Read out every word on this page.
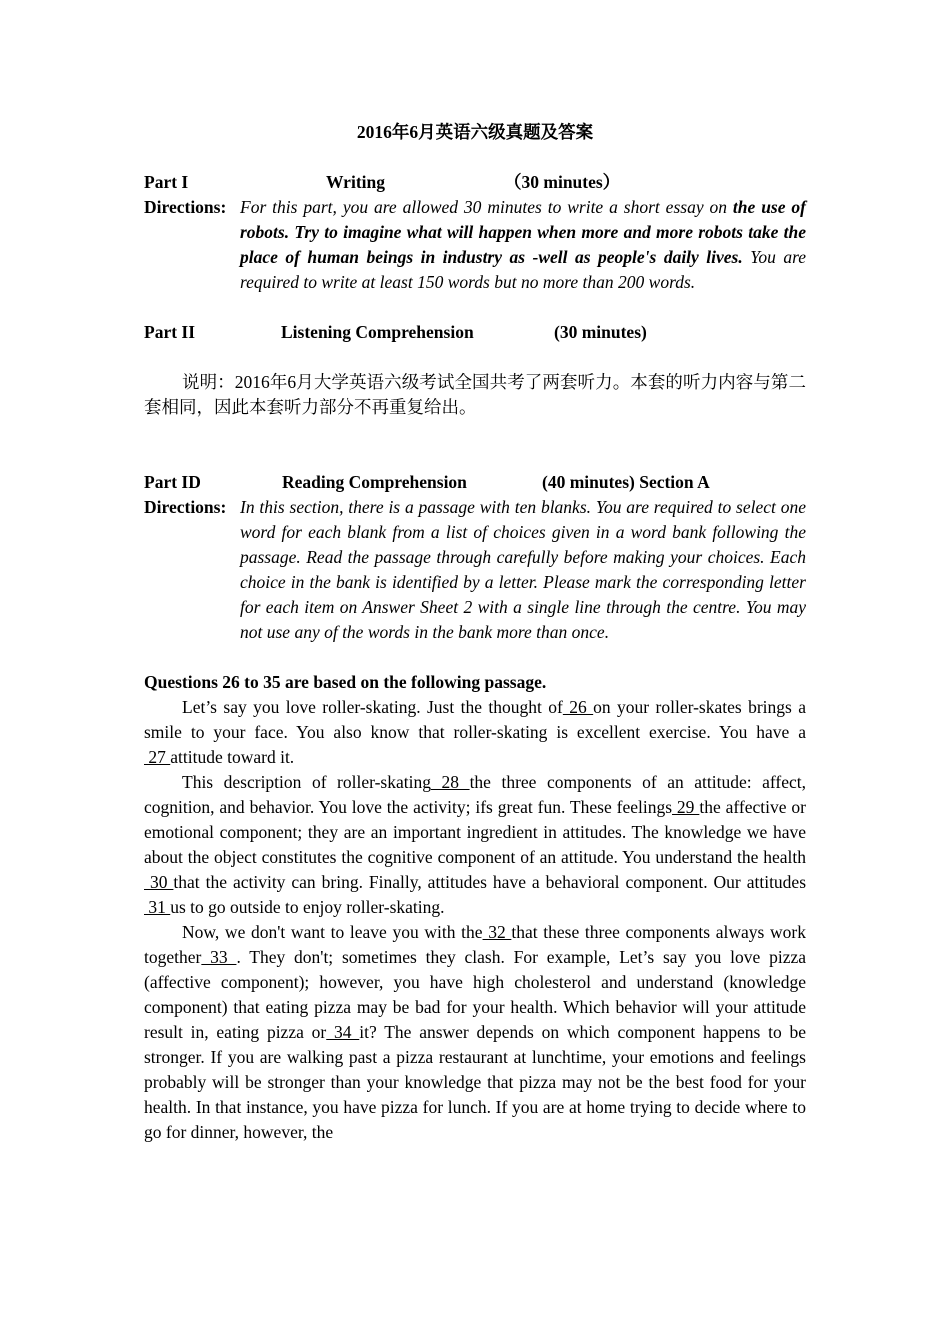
2016年6月英语六级真题及答案

Part I	Writing	（30 minutes）
Directions: For this part, you are allowed 30 minutes to write a short essay on the use of robots. Try to imagine what will happen when more and more robots take the place of human beings in industry as -well as people's daily lives. You are required to write at least 150 words but no more than 200 words.
Part II	Listening Comprehension	(30 minutes)

说明：2016年6月大学英语六级考试全国共考了两套听力。本套的听力内容与第二套相同，因此本套听力部分不再重复给出。

Part ID	Reading Comprehension	(40 minutes) Section A
Directions: In this section, there is a passage with ten blanks. You are required to select one word for each blank from a list of choices given in a word bank following the passage. Read the passage through carefully before making your choices. Each choice in the bank is identified by a letter. Please mark the corresponding letter for each item on Answer Sheet 2 with a single line through the centre. You may not use any of the words in the bank more than once.

Questions 26 to 35 are based on the following passage.

Let’s say you love roller-skating. Just the thought of 26 on your roller-skates brings a smile to your face. You also know that roller-skating is excellent exercise. You have a 27 attitude toward it.

This description of roller-skating 28 the three components of an attitude: affect, cognition, and behavior. You love the activity; ifs great fun. These feelings 29 the affective or emotional component; they are an important ingredient in attitudes. The knowledge we have about the object constitutes the cognitive component of an attitude. You understand the health 30 that the activity can bring. Finally, attitudes have a behavioral component. Our attitudes 31 us to go outside to enjoy roller-skating.

Now, we don't want to leave you with the 32 that these three components always work together 33 . They don't; sometimes they clash. For example, Let’s say you love pizza (affective component); however, you have high cholesterol and understand (knowledge component) that eating pizza may be bad for your health. Which behavior will your attitude result in, eating pizza or 34 it? The answer depends on which component happens to be stronger. If you are walking past a pizza restaurant at lunchtime, your emotions and feelings probably will be stronger than your knowledge that pizza may not be the best food for your health. In that instance, you have pizza for lunch. If you are at home trying to decide where to go for dinner, however, the
